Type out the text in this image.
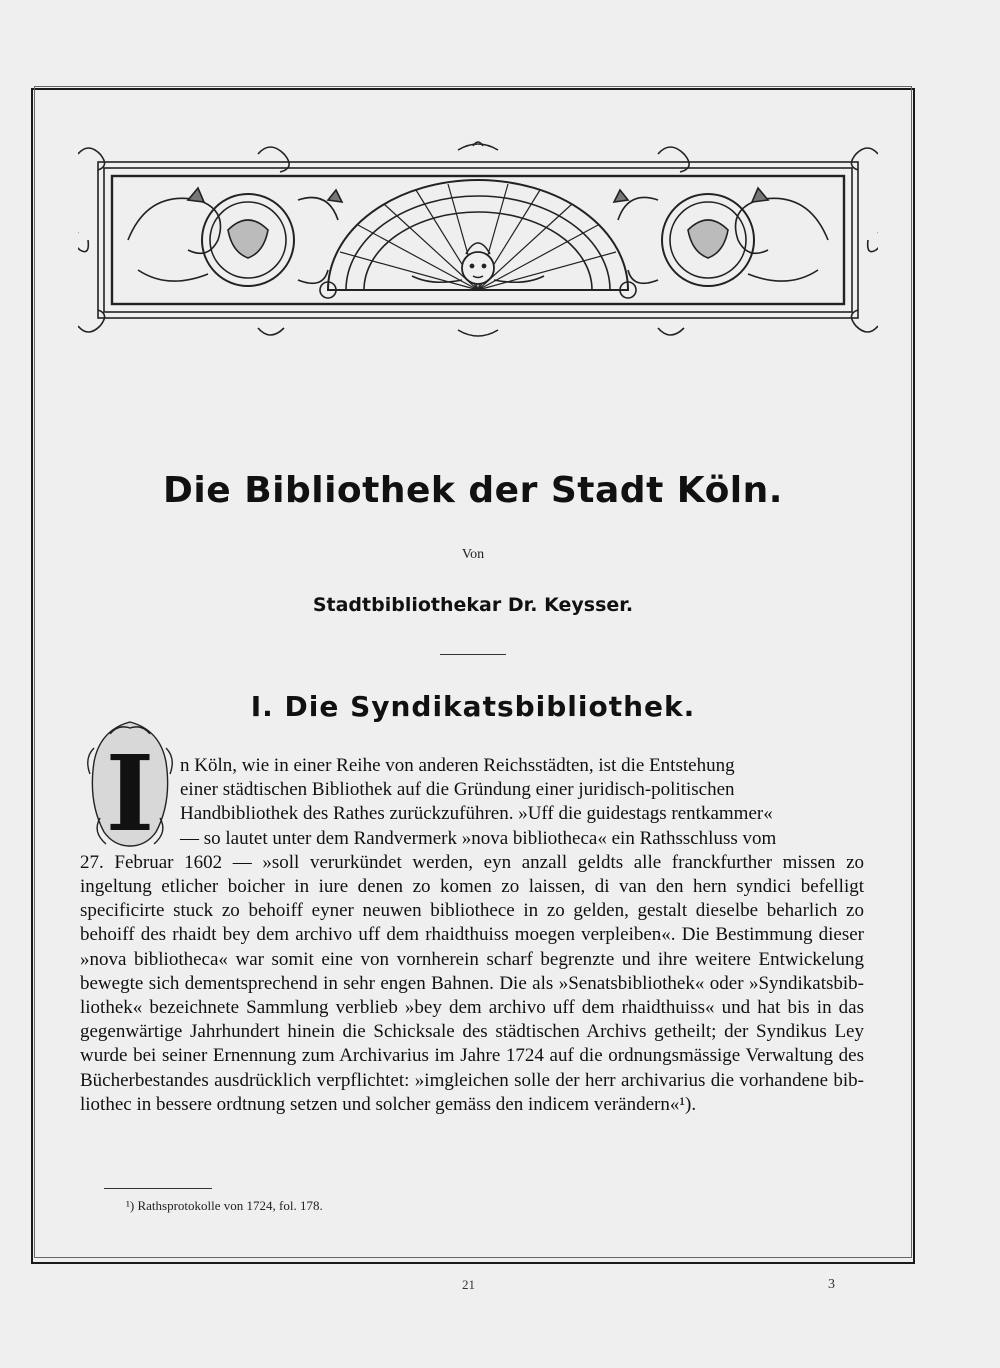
Die Bibliothek der Stadt Köln.
Von
Stadtbibliothekar Dr. Keysser.
I. Die Syndikatsbibliothek.
I n Köln, wie in einer Reihe von anderen Reichsstädten, ist die Entstehung
einer städtischen Bibliothek auf die Gründung einer juridisch-politischen
Handbibliothek des Rathes zurückzuführen. »Uff die guidestags rentkammer«
— so lautet unter dem Randvermerk »nova bibliotheca« ein Rathsschluss vom
27. Februar 1602 — »soll verurkündet werden, eyn anzall geldts alle franckfurther missen zo ingeltung etlicher boicher in iure denen zo komen zo laissen, di van den hern syndici befelligt specificirte stuck zo behoiff eyner neuwen bibliothece in zo gelden, gestalt dieselbe beharlich zo behoiff des rhaidt bey dem archivo uff dem rhaidthuiss moegen verpleiben«. Die Bestimmung dieser »nova bibliotheca« war somit eine von vornherein scharf begrenzte und ihre weitere Entwickelung bewegte sich dementsprechend in sehr engen Bahnen. Die als »Senatsbibliothek« oder »Syndikatsbibliothek« bezeichnete Sammlung verblieb »bey dem archivo uff dem rhaidthuiss« und hat bis in das gegenwärtige Jahrhundert hinein die Schicksale des städtischen Archivs getheilt; der Syndikus Ley wurde bei seiner Ernennung zum Archivarius im Jahre 1724 auf die ordnungsmässige Verwaltung des Bücherbestandes ausdrücklich verpflichtet: »imgleichen solle der herr archivarius die vorhandene bibliothec in bessere ordtnung setzen und solcher gemäss den indicem verändern«¹).
¹) Rathsprotokolle von 1724, fol. 178.
21	3
